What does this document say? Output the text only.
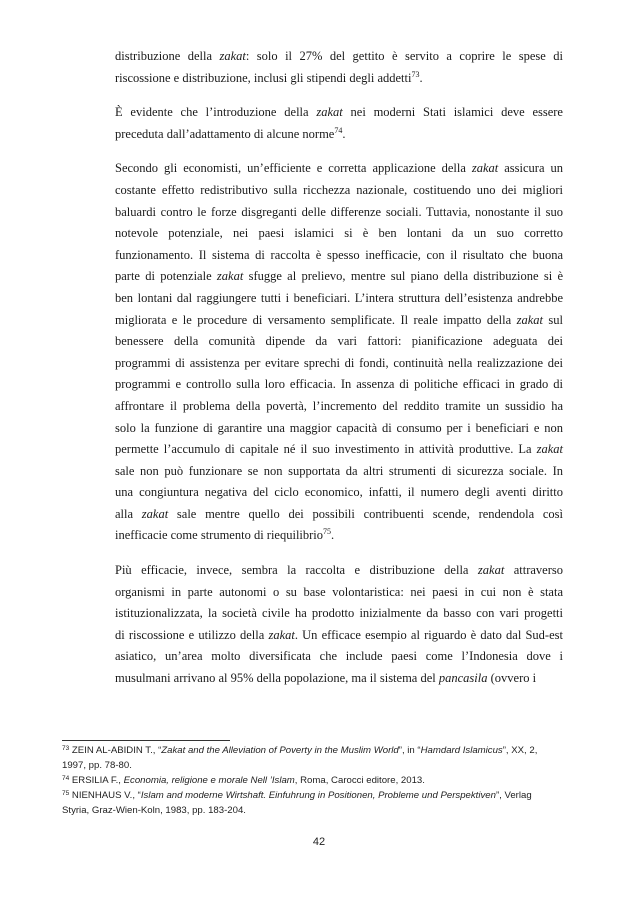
distribuzione della zakat: solo il 27% del gettito è servito a coprire le spese di
riscossione e distribuzione, inclusi gli stipendi degli addetti$^{73}$.

È evidente che l’introduzione della zakat nei moderni Stati islamici deve essere
preceduta dall’adattamento di alcune norme$^{74}$.

Secondo gli economisti, un’efficiente e corretta applicazione della zakat assicura un
costante effetto redistributivo sulla ricchezza nazionale, costituendo uno dei migliori
baluardi contro le forze disgreganti delle differenze sociali. Tuttavia, nonostante il suo
notevole potenziale, nei paesi islamici si è ben lontani da un suo corretto
funzionamento. Il sistema di raccolta è spesso inefficacie, con il risultato che buona
parte di potenziale zakat sfugge al prelievo, mentre sul piano della distribuzione si è
ben lontani dal raggiungere tutti i beneficiari. L’intera struttura dell’esistenza andrebbe
migliorata e le procedure di versamento semplificate. Il reale impatto della zakat sul
benessere della comunità dipende da vari fattori: pianificazione adeguata dei
programmi di assistenza per evitare sprechi di fondi, continuità nella realizzazione dei
programmi e controllo sulla loro efficacia. In assenza di politiche efficaci in grado di
affrontare il problema della povertà, l’incremento del reddito tramite un sussidio ha
solo la funzione di garantire una maggior capacità di consumo per i beneficiari e non
permette l’accumulo di capitale né il suo investimento in attività produttive. La zakat
sale non può funzionare se non supportata da altri strumenti di sicurezza sociale. In
una congiuntura negativa del ciclo economico, infatti, il numero degli aventi diritto
alla zakat sale mentre quello dei possibili contribuenti scende, rendendola così
inefficacie come strumento di riequilibrio$^{75}$.

Più efficacie, invece, sembra la raccolta e distribuzione della zakat attraverso
organismi in parte autonomi o su base volontaristica: nei paesi in cui non è stata
istituzionalizzata, la società civile ha prodotto inizialmente da basso con vari progetti
di riscossione e utilizzo della zakat. Un efficace esempio al riguardo è dato dal Sud-est
asiatico, un’area molto diversificata che include paesi come l’Indonesia dove i
musulmani arrivano al 95% della popolazione, ma il sistema del pancasila (ovvero i

$^{73}$ ZEIN AL-ABIDIN T., “Zakat and the Alleviation of Poverty in the Muslim World”, in “Hamdard Islamicus”, XX, 2,
1997, pp. 78-80.
$^{74}$ ERSILIA F., Economia, religione e morale Nell ’Islam, Roma, Carocci editore, 2013.
$^{75}$ NIENHAUS V., “Islam and moderne Wirtshaft. Einfuhrung in Positionen, Probleme und Perspektiven”, Verlag
Styria, Graz-Wien-Koln, 1983, pp. 183-204.
42
